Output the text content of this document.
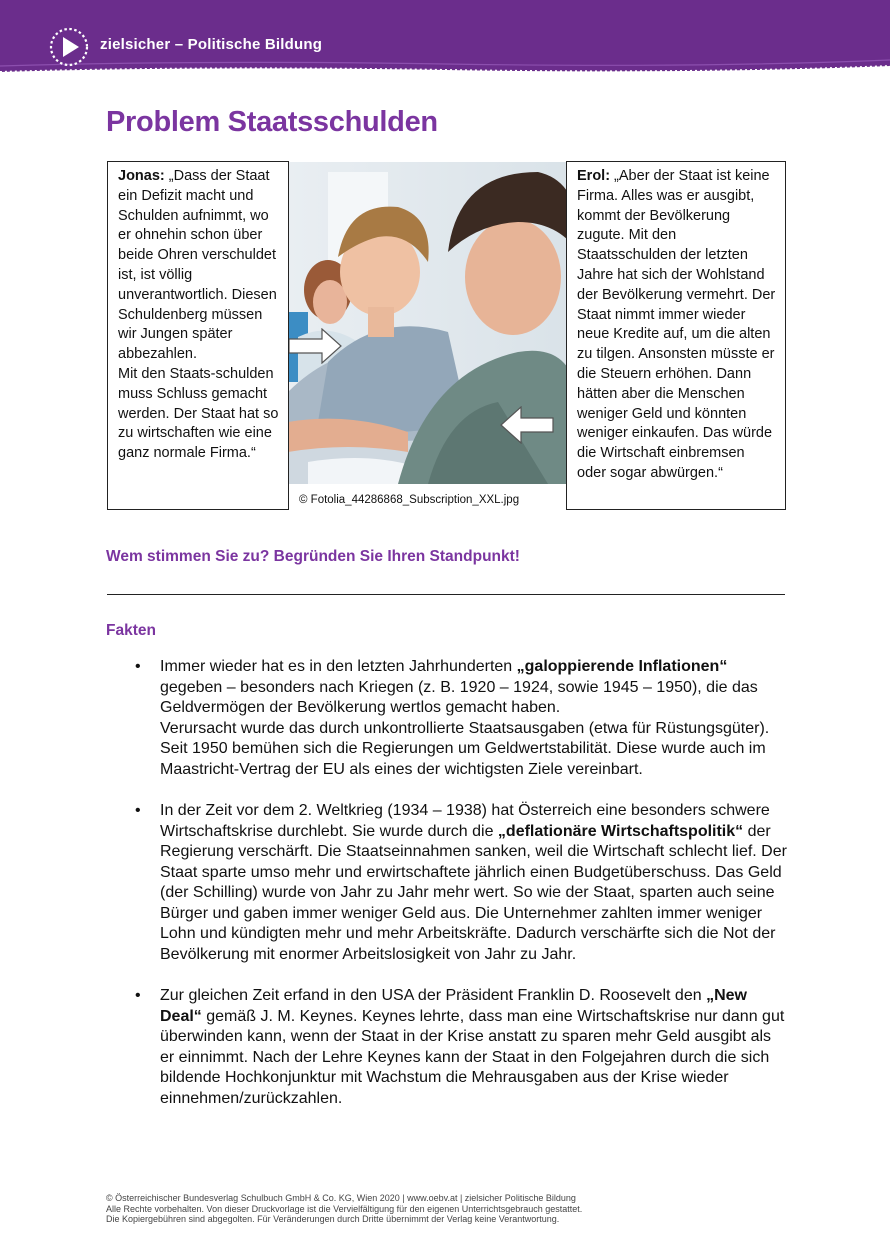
zielsicher – Politische Bildung
Problem Staatsschulden
Jonas: „Dass der Staat ein Defizit macht und Schulden aufnimmt, wo er ohnehin schon über beide Ohren verschuldet ist, ist völlig unverantwortlich. Diesen Schuldenberg müssen wir Jungen später abbezahlen.
Mit den Staats-schulden muss Schluss gemacht werden. Der Staat hat so zu wirtschaften wie eine ganz normale Firma.“
Erol: „Aber der Staat ist keine Firma. Alles was er ausgibt, kommt der Bevölkerung zugute. Mit den Staatsschulden der letzten Jahre hat sich der Wohlstand der Bevölkerung vermehrt. Der Staat nimmt immer wieder neue Kredite auf, um die alten zu tilgen. Ansonsten müsste er die Steuern erhöhen. Dann hätten aber die Menschen weniger Geld und könnten weniger einkaufen. Das würde die Wirtschaft einbremsen oder sogar abwürgen.“
© Fotolia_44286868_Subscription_XXL.jpg
Wem stimmen Sie zu? Begründen Sie Ihren Standpunkt!
Fakten
• Immer wieder hat es in den letzten Jahrhunderten „galoppierende Inflationen“ gegeben – besonders nach Kriegen (z. B. 1920 – 1924, sowie 1945 – 1950), die das Geldvermögen der Bevölkerung wertlos gemacht haben.
Verursacht wurde das durch unkontrollierte Staatsausgaben (etwa für Rüstungsgüter). Seit 1950 bemühen sich die Regierungen um Geldwertstabilität. Diese wurde auch im Maastricht-Vertrag der EU als eines der wichtigsten Ziele vereinbart.
• In der Zeit vor dem 2. Weltkrieg (1934 – 1938) hat Österreich eine besonders schwere Wirtschaftskrise durchlebt. Sie wurde durch die „deflationäre Wirtschaftspolitik“ der Regierung verschärft. Die Staatseinnahmen sanken, weil die Wirtschaft schlecht lief. Der Staat sparte umso mehr und erwirtschaftete jährlich einen Budgetüberschuss. Das Geld (der Schilling) wurde von Jahr zu Jahr mehr wert. So wie der Staat, sparten auch seine Bürger und gaben immer weniger Geld aus. Die Unternehmer zahlten immer weniger Lohn und kündigten mehr und mehr Arbeitskräfte. Dadurch verschärfte sich die Not der Bevölkerung mit enormer Arbeitslosigkeit von Jahr zu Jahr.
• Zur gleichen Zeit erfand in den USA der Präsident Franklin D. Roosevelt den „New Deal“ gemäß J. M. Keynes. Keynes lehrte, dass man eine Wirtschaftskrise nur dann gut überwinden kann, wenn der Staat in der Krise anstatt zu sparen mehr Geld ausgibt als er einnimmt. Nach der Lehre Keynes kann der Staat in den Folgejahren durch die sich bildende Hochkonjunktur mit Wachstum die Mehrausgaben aus der Krise wieder einnehmen/zurückzahlen.
© Österreichischer Bundesverlag Schulbuch GmbH & Co. KG, Wien 2020 | www.oebv.at | zielsicher Politische Bildung
Alle Rechte vorbehalten. Von dieser Druckvorlage ist die Vervielfältigung für den eigenen Unterrichtsgebrauch gestattet.
Die Kopiergebühren sind abgegolten. Für Veränderungen durch Dritte übernimmt der Verlag keine Verantwortung.
